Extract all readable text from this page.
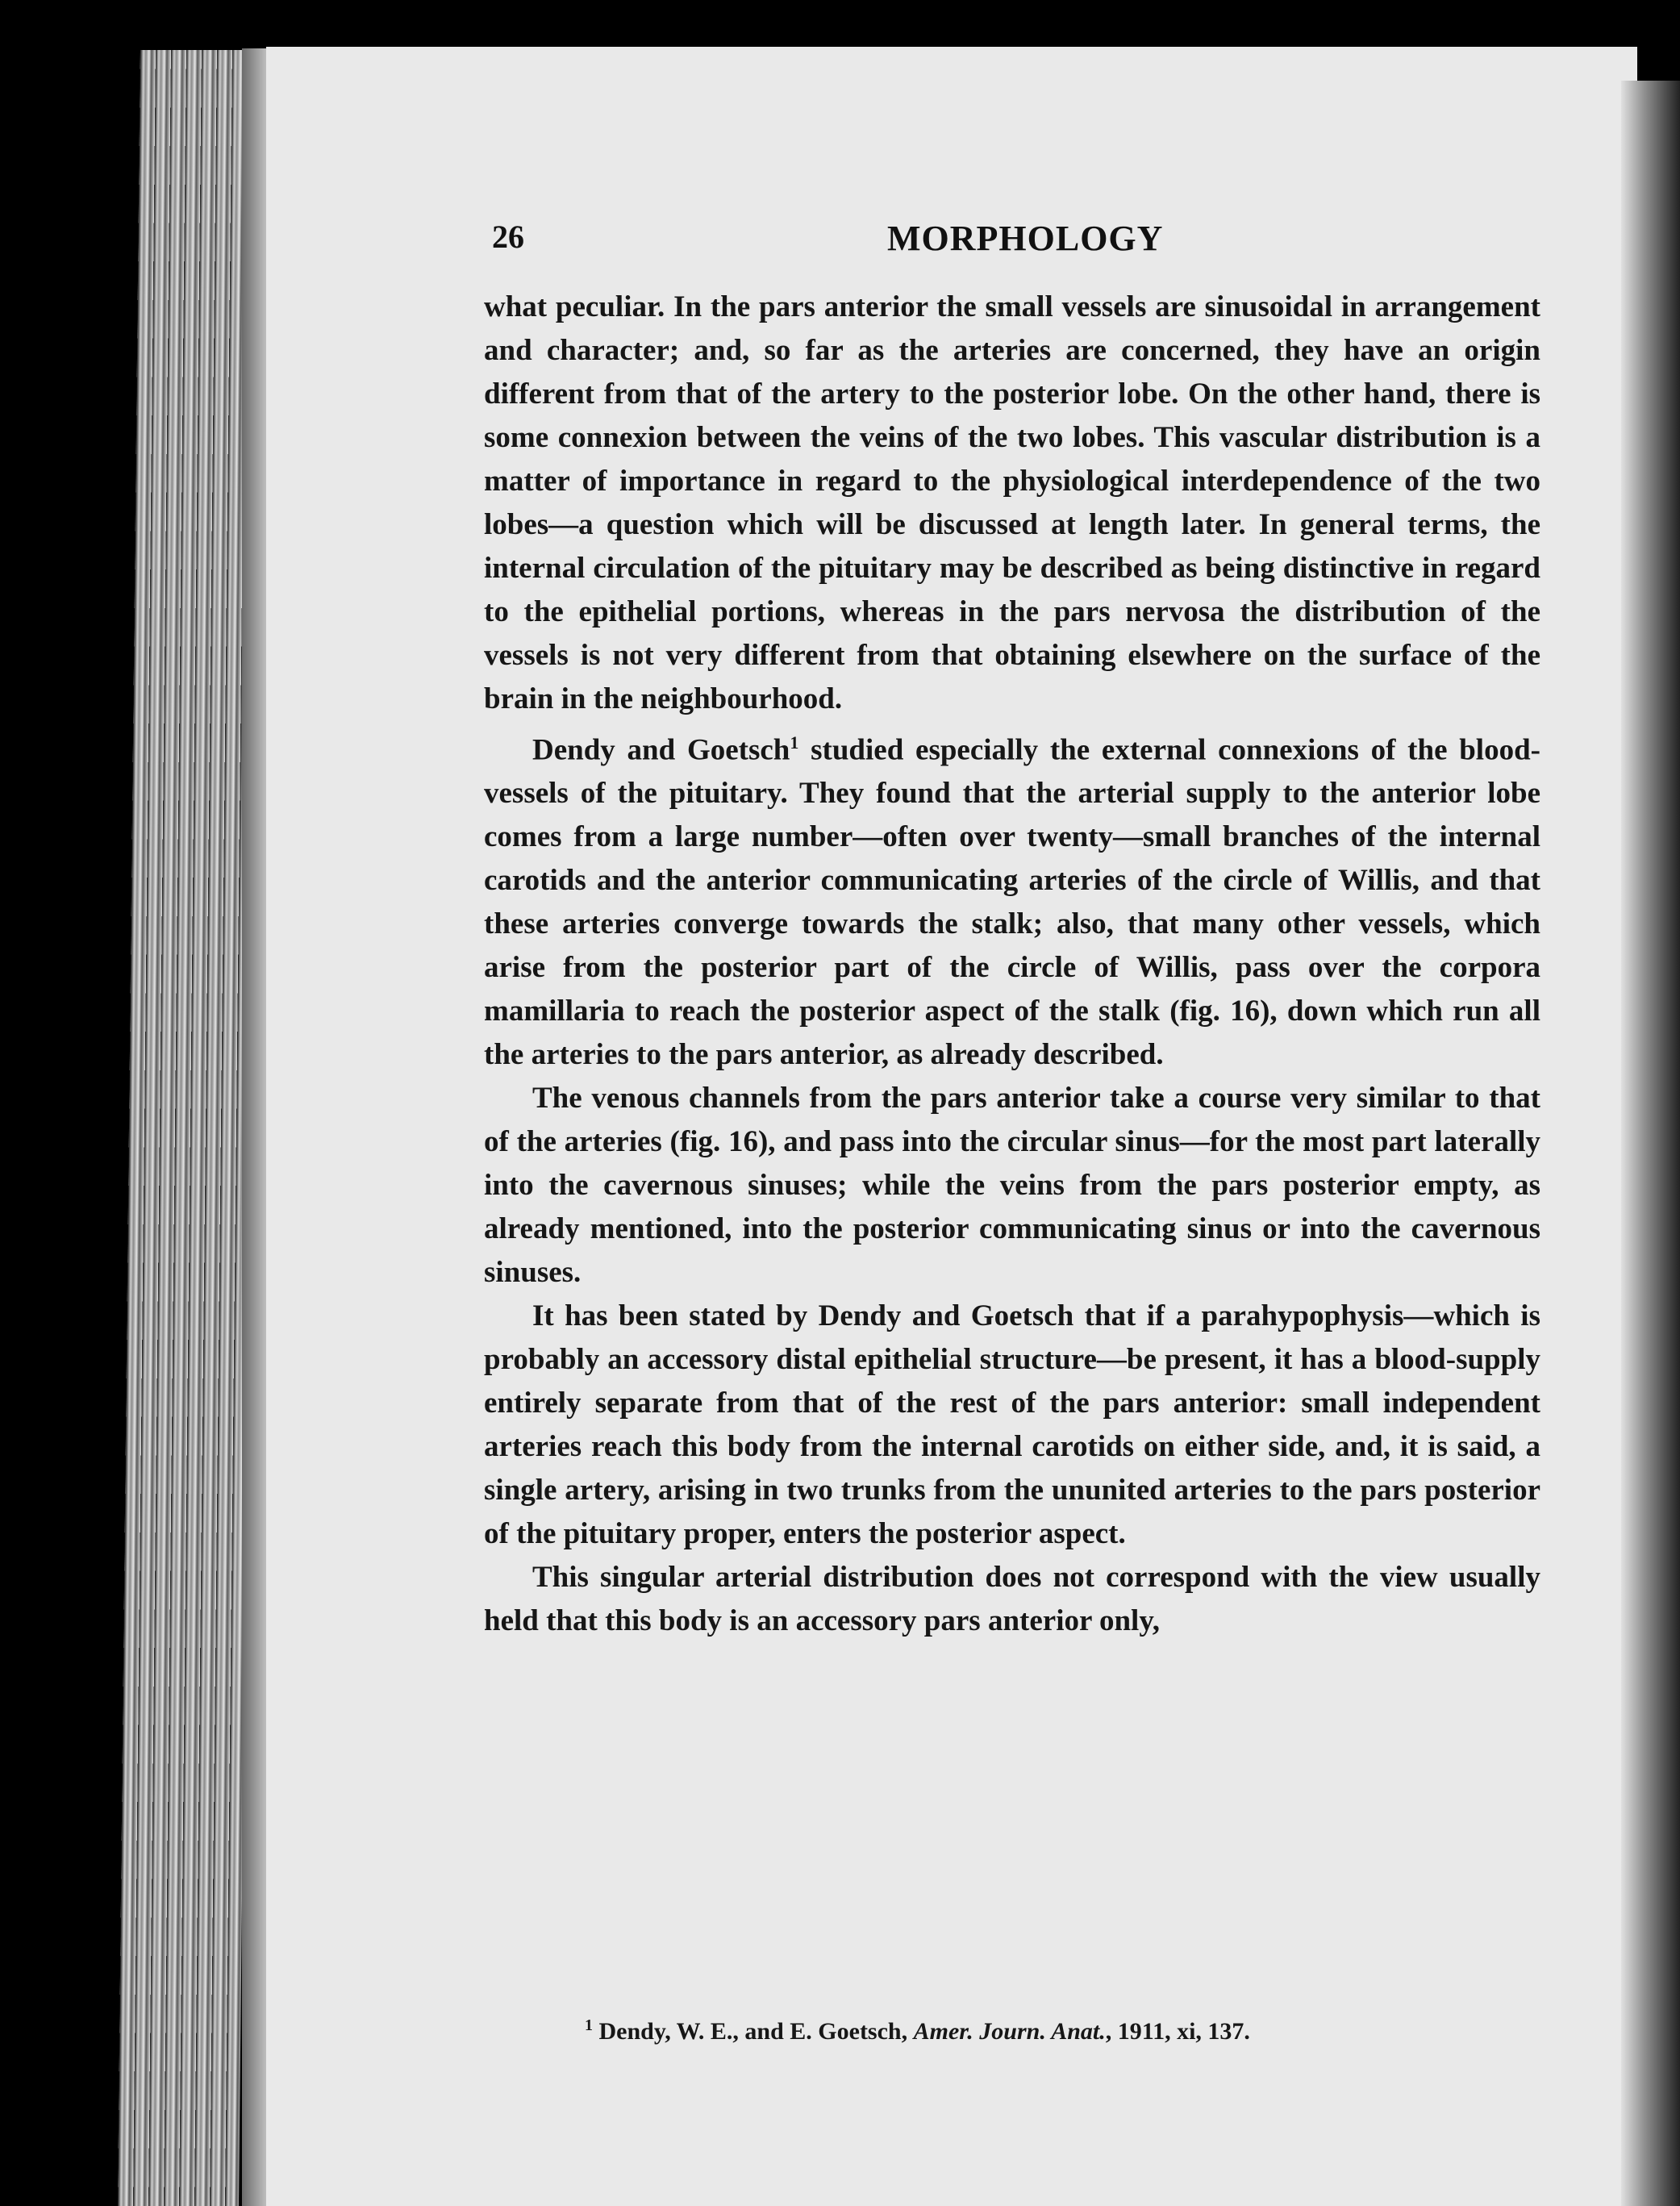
26	MORPHOLOGY

what peculiar. In the pars anterior the small vessels are sinusoidal in arrangement and character; and, so far as the arteries are concerned, they have an origin different from that of the artery to the posterior lobe. On the other hand, there is some connexion between the veins of the two lobes. This vascular distribution is a matter of importance in regard to the physiological interdependence of the two lobes—a question which will be discussed at length later. In general terms, the internal circulation of the pituitary may be described as being distinctive in regard to the epithelial portions, whereas in the pars nervosa the distribution of the vessels is not very different from that obtaining elsewhere on the surface of the brain in the neighbourhood.

Dendy and Goetsch$^1$ studied especially the external connexions of the blood-vessels of the pituitary. They found that the arterial supply to the anterior lobe comes from a large number—often over twenty—small branches of the internal carotids and the anterior communicating arteries of the circle of Willis, and that these arteries converge towards the stalk; also, that many other vessels, which arise from the posterior part of the circle of Willis, pass over the corpora mamillaria to reach the posterior aspect of the stalk (fig. 16), down which run all the arteries to the pars anterior, as already described.

The venous channels from the pars anterior take a course very similar to that of the arteries (fig. 16), and pass into the circular sinus—for the most part laterally into the cavernous sinuses; while the veins from the pars posterior empty, as already mentioned, into the posterior communicating sinus or into the cavernous sinuses.

It has been stated by Dendy and Goetsch that if a parahypophysis—which is probably an accessory distal epithelial structure—be present, it has a blood-supply entirely separate from that of the rest of the pars anterior: small independent arteries reach this body from the internal carotids on either side, and, it is said, a single artery, arising in two trunks from the ununited arteries to the pars posterior of the pituitary proper, enters the posterior aspect.

This singular arterial distribution does not correspond with the view usually held that this body is an accessory pars anterior only,

$^1$ Dendy, W. E., and E. Goetsch, Amer. Journ. Anat., 1911, xi, 137.
